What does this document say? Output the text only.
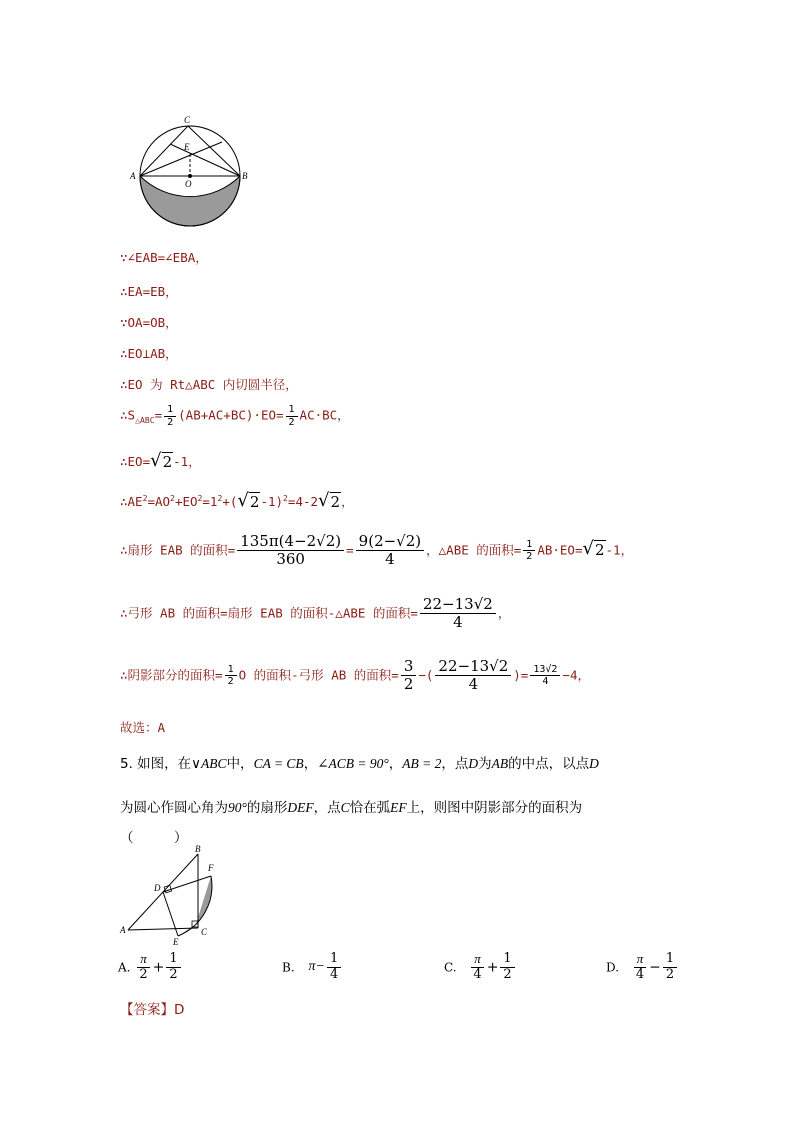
C
E
A
O
B
∵∠EAB=∠EBA，
∴EA=EB，
∵OA=OB，
∴EO⊥AB，
∴EO 为 Rt△ABC 内切圆半径，
$\therefore S_{\triangle ABC}= \frac{1}{2} (AB+AC+BC)\cdot EO= \frac{1}{2} AC\cdot BC$，
∴EO= √ 2 -1，
$\therefore AE^2=AO^2+EO^2=1^2+$( √ 2 -1)$^2$=4-2 √ 2 ，
∴扇形 EAB 的面积= $\frac{135\pi(4-2√2)}{360} = \frac{9(2-√2)}{4}$ ，△ABE 的面积= $\frac{1}{2} AB\cdot EO=$ √ 2 -1，
∴弓形 AB 的面积=扇形 EAB 的面积-△ABE 的面积= $\frac{22-13√2}{4}$ ，
∴阴影部分的面积= $\frac{1}{2}$ O 的面积-弓形 AB 的面积= $\frac{3}{2}$ −( $\frac{22-13√2}{4}$ )= $\frac{13√2}{4} -4$，
故选：A
5. 如图，在∨ABC中，CA = CB，∠ACB = 90°，AB = 2，点D为AB的中点，以点D
为圆心作圆心角为90°的扇形DEF，点C恰在弧EF上，则图中阴影部分的面积为
（　　　）
B
F
D
A
E
C
A. $\frac{\pi}{2} + \frac{1}{2}$	B. $\pi- \frac{1}{4}$	C. $\frac{\pi}{4} + \frac{1}{2}$	D. $\frac{\pi}{4} - \frac{1}{2}$
【答案】D
